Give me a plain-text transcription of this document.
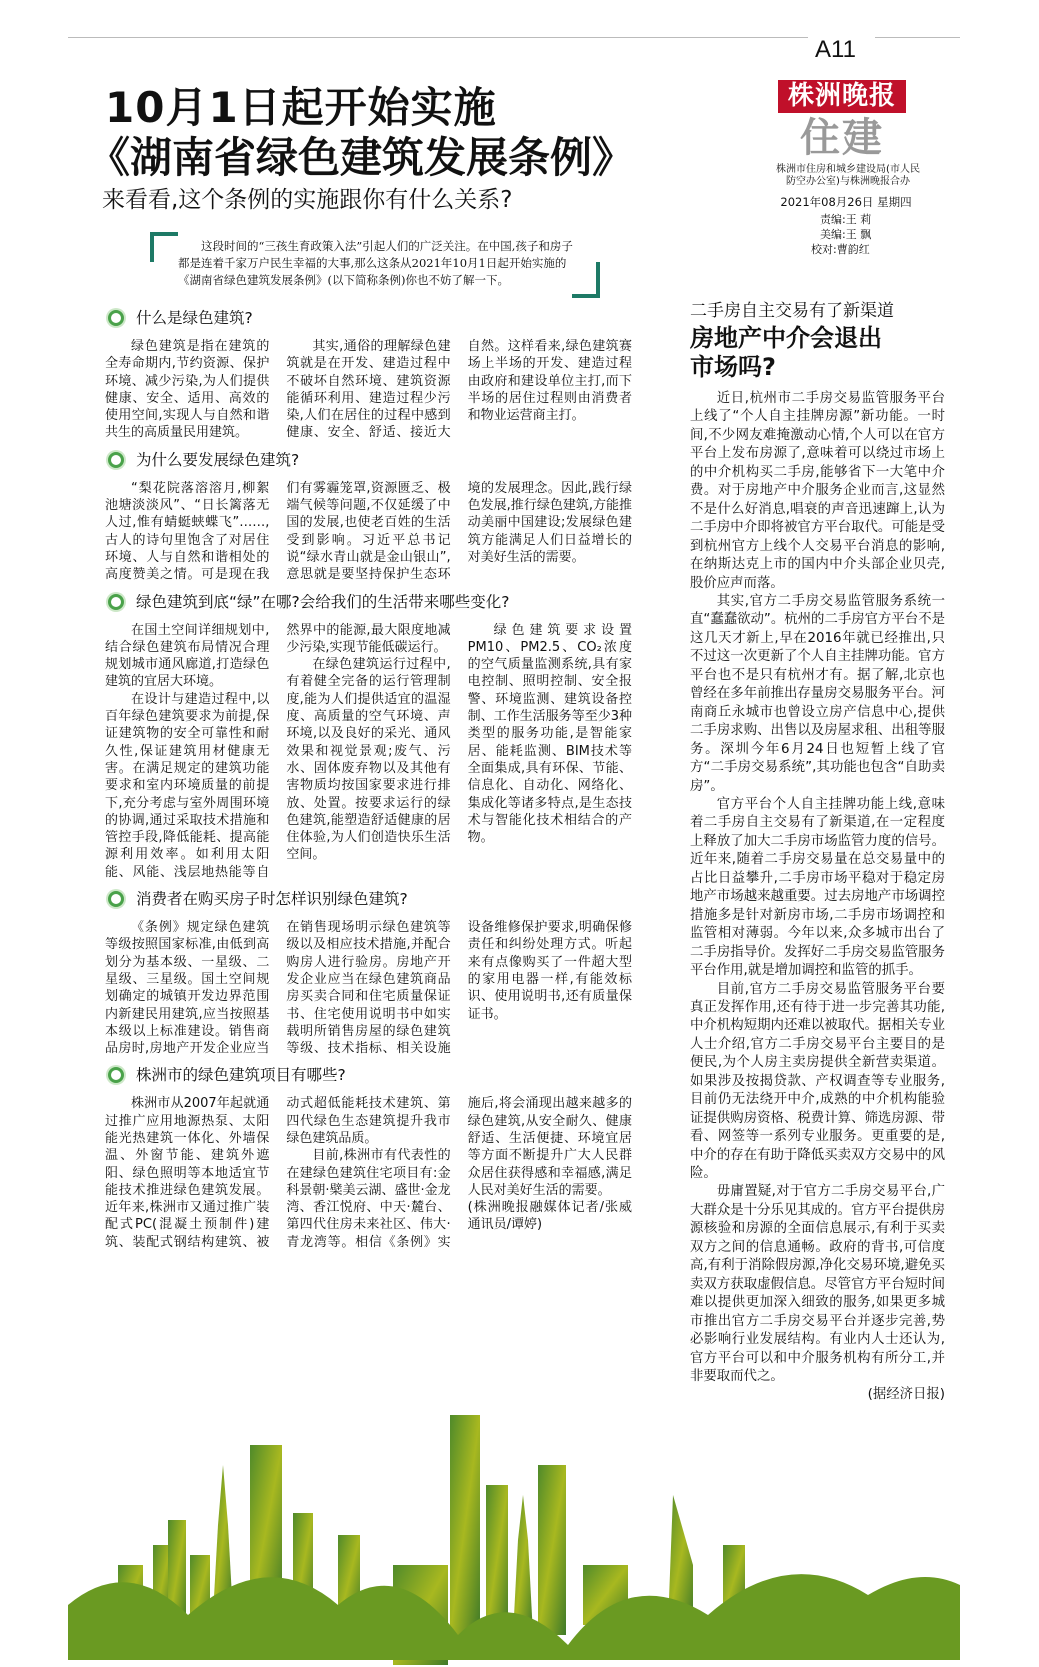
A11
株洲晚报
住建
株洲市住房和城乡建设局(市人民防空办公室)与株洲晚报合办
2021年08月26日 星期四
责编:王 莉
美编:王 飘
校对:曹韵红
10月1日起开始实施
《湖南省绿色建筑发展条例》
来看看,这个条例的实施跟你有什么关系?
这段时间的“三孩生育政策入法”引起人们的广泛关注。在中国,孩子和房子都是连着千家万户民生幸福的大事,那么这条从2021年10月1日起开始实施的《湖南省绿色建筑发展条例》(以下简称条例)你也不妨了解一下。
什么是绿色建筑?

绿色建筑是指在建筑的全寿命期内,节约资源、保护环境、减少污染,为人们提供健康、安全、适用、高效的使用空间,实现人与自然和谐共生的高质量民用建筑。

其实,通俗的理解绿色建筑就是在开发、建造过程中不破坏自然环境、建筑资源能循环利用、建造过程少污染,人们在居住的过程中感到健康、安全、舒适、接近大自然。这样看来,绿色建筑赛场上半场的开发、建造过程由政府和建设单位主打,而下半场的居住过程则由消费者和物业运营商主打。

为什么要发展绿色建筑?

“梨花院落溶溶月,柳絮池塘淡淡风”、“日长篱落无人过,惟有蜻蜓蛱蝶飞”……,古人的诗句里饱含了对居住环境、人与自然和谐相处的高度赞美之情。可是现在我们有雾霾笼罩,资源匮乏、极端气候等问题,不仅延缓了中国的发展,也使老百姓的生活受到影响。习近平总书记说“绿水青山就是金山银山”,意思就是要坚持保护生态环境的发展理念。因此,践行绿色发展,推行绿色建筑,方能推动美丽中国建设;发展绿色建筑方能满足人们日益增长的对美好生活的需要。

绿色建筑到底“绿”在哪?会给我们的生活带来哪些变化?

在国土空间详细规划中,结合绿色建筑布局情况合理规划城市通风廊道,打造绿色建筑的宜居大环境。

在设计与建造过程中,以百年绿色建筑要求为前提,保证建筑物的安全可靠性和耐久性,保证建筑用材健康无害。在满足规定的建筑功能要求和室内环境质量的前提下,充分考虑与室外周围环境的协调,通过采取技术措施和管控手段,降低能耗、提高能源利用效率。如利用太阳能、风能、浅层地热能等自然界中的能源,最大限度地减少污染,实现节能低碳运行。

在绿色建筑运行过程中,有着健全完备的运行管理制度,能为人们提供适宜的温湿度、高质量的空气环境、声环境,以及良好的采光、通风效果和视觉景观;废气、污水、固体废弃物以及其他有害物质均按国家要求进行排放、处置。按要求运行的绿色建筑,能塑造舒适健康的居住体验,为人们创造快乐生活空间。

绿色建筑要求设置PM10、PM2.5、CO₂浓度的空气质量监测系统,具有家电控制、照明控制、安全报警、环境监测、建筑设备控制、工作生活服务等至少3种类型的服务功能,是智能家居、能耗监测、BIM技术等全面集成,具有环保、节能、信息化、自动化、网络化、集成化等诸多特点,是生态技术与智能化技术相结合的产物。

消费者在购买房子时怎样识别绿色建筑?

《条例》规定绿色建筑等级按照国家标准,由低到高划分为基本级、一星级、二星级、三星级。国土空间规划确定的城镇开发边界范围内新建民用建筑,应当按照基本级以上标准建设。销售商品房时,房地产开发企业应当在销售现场明示绿色建筑等级以及相应技术措施,并配合购房人进行验房。房地产开发企业应当在绿色建筑商品房买卖合同和住宅质量保证书、住宅使用说明书中如实载明所销售房屋的绿色建筑等级、技术指标、相关设施设备维修保护要求,明确保修责任和纠纷处理方式。听起来有点像购买了一件超大型的家用电器一样,有能效标识、使用说明书,还有质量保证书。

株洲市的绿色建筑项目有哪些?

株洲市从2007年起就通过推广应用地源热泵、太阳能光热建筑一体化、外墙保温、外窗节能、建筑外遮阳、绿色照明等本地适宜节能技术推进绿色建筑发展。近年来,株洲市又通过推广装配式PC(混凝土预制件)建筑、装配式钢结构建筑、被动式超低能耗技术建筑、第四代绿色生态建筑提升我市绿色建筑品质。

目前,株洲市有代表性的在建绿色建筑住宅项目有:金科景朝·檗美云湖、盛世·金龙湾、香江悦府、中天·麓台、第四代住房未来社区、伟大·青龙湾等。相信《条例》实施后,将会涌现出越来越多的绿色建筑,从安全耐久、健康舒适、生活便捷、环境宜居等方面不断提升广大人民群众居住获得感和幸福感,满足人民对美好生活的需要。

(株洲晚报融媒体记者/张威 通讯员/谭婷)

二手房自主交易有了新渠道
房地产中介会退出市场吗?

近日,杭州市二手房交易监管服务平台上线了“个人自主挂牌房源”新功能。一时间,不少网友难掩激动心情,个人可以在官方平台上发布房源了,意味着可以绕过市场上的中介机构买二手房,能够省下一大笔中介费。对于房地产中介服务企业而言,这显然不是什么好消息,唱衰的声音迅速蹿上,认为二手房中介即将被官方平台取代。可能是受到杭州官方上线个人交易平台消息的影响,在纳斯达克上市的国内中介头部企业贝壳,股价应声而落。

其实,官方二手房交易监管服务系统一直“蠢蠢欲动”。杭州的二手房官方平台不是这几天才新上,早在2016年就已经推出,只不过这一次更新了个人自主挂牌功能。官方平台也不是只有杭州才有。据了解,北京也曾经在多年前推出存量房交易服务平台。河南商丘永城市也曾设立房产信息中心,提供二手房求购、出售以及房屋求租、出租等服务。深圳今年6月24日也短暂上线了官方“二手房交易系统”,其功能也包含“自助卖房”。

官方平台个人自主挂牌功能上线,意味着二手房自主交易有了新渠道,在一定程度上释放了加大二手房市场监管力度的信号。近年来,随着二手房交易量在总交易量中的占比日益攀升,二手房市场平稳对于稳定房地产市场越来越重要。过去房地产市场调控措施多是针对新房市场,二手房市场调控和监管相对薄弱。今年以来,众多城市出台了二手房指导价。发挥好二手房交易监管服务平台作用,就是增加调控和监管的抓手。

目前,官方二手房交易监管服务平台要真正发挥作用,还有待于进一步完善其功能,中介机构短期内还难以被取代。据相关专业人士介绍,官方二手房交易平台主要目的是便民,为个人房主卖房提供全新营卖渠道。如果涉及按揭贷款、产权调查等专业服务,目前仍无法绕开中介,成熟的中介机构能验证提供购房资格、税费计算、筛选房源、带看、网签等一系列专业服务。更重要的是,中介的存在有助于降低买卖双方交易中的风险。

毋庸置疑,对于官方二手房交易平台,广大群众是十分乐见其成的。官方平台提供房源核验和房源的全面信息展示,有利于买卖双方之间的信息通畅。政府的背书,可信度高,有利于消除假房源,净化交易环境,避免买卖双方获取虚假信息。尽管官方平台短时间难以提供更加深入细致的服务,如果更多城市推出官方二手房交易平台并逐步完善,势必影响行业发展结构。有业内人士还认为,官方平台可以和中介服务机构有所分工,并非要取而代之。

(据经济日报)
